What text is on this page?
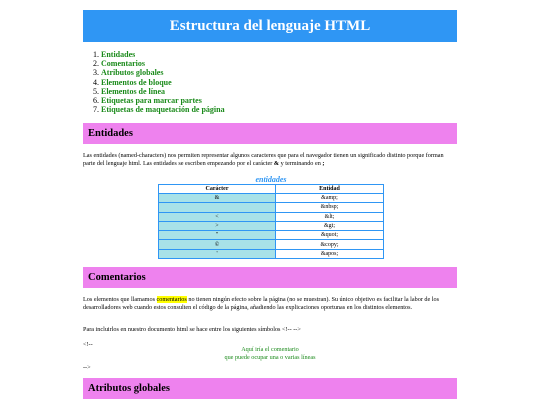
Estructura del lenguaje HTML
1. Entidades
2. Comentarios
3. Atributos globales
4. Elementos de bloque
5. Elementos de línea
6. Etiquetas para marcar partes
7. Etiquetas de maquetación de página
Entidades

Las entidades (named-characters) nos permiten representar algunos caracteres que para el navegador tienen un significado distinto porque forman parte del lenguaje html. Las entidades se escriben empezando por el carácter & y terminando en ;

entidades
Carácter	Entidad
&	&amp;
	&nbsp;
<	&lt;
>	&gt;
"	&quot;
©	&copy;
'	&apos;
Comentarios

Los elementos que llamamos comentarios no tienen ningún efecto sobre la página (no se muestran). Su único objetivo es facilitar la labor de los desarrolladores web cuando estos consulten el código de la página, añadiendo las explicaciones oportunas en los distintos elementos.

Para incluirlos en nuestro documento html se hace entre los siguientes símbolos <!-- -->

<!--
Aquí iría el comentario
que puede ocupar una o varias líneas
-->
Atributos globales
